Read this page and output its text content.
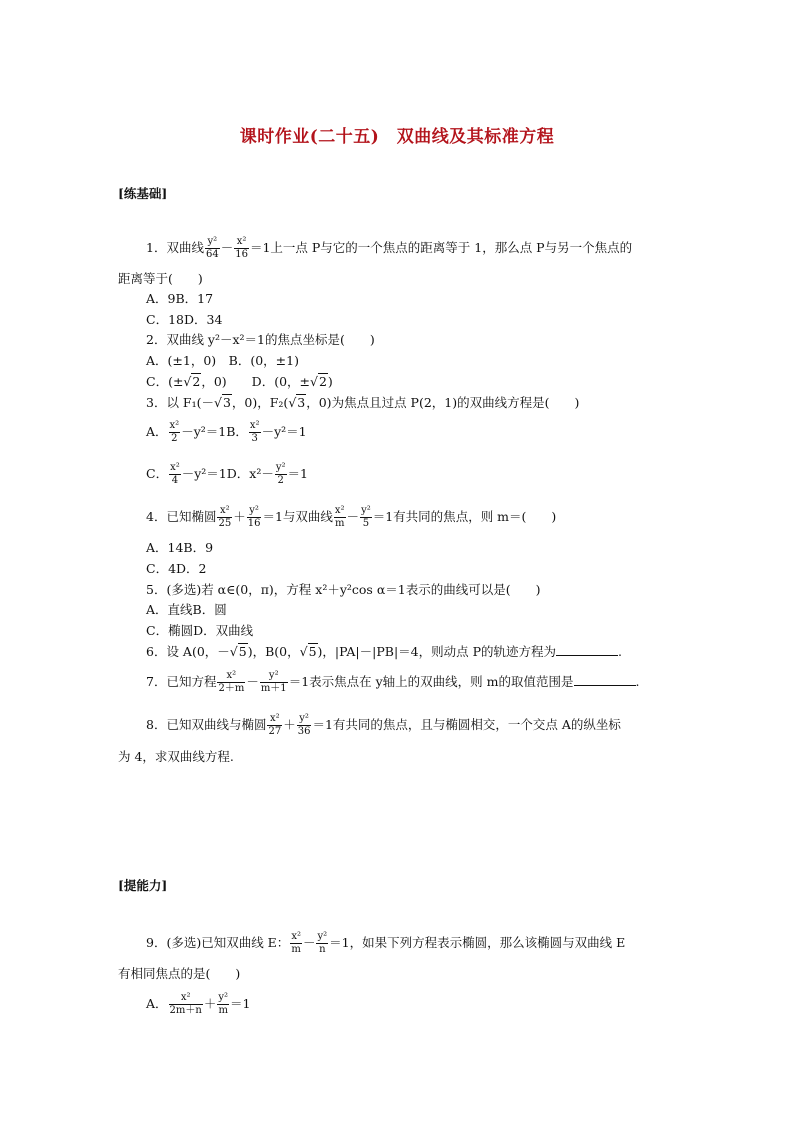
课时作业(二十五)　双曲线及其标准方程
[练基础]
1．双曲线 $\frac{\text{y²}}{64} - \frac{\text{x²}}{16} =1$上一点 P与它的一个焦点的距离等于 1，那么点 P与另一个焦点的
距离等于(　　)
A．9B．17
C．18D．34
2．双曲线 y²－x²＝1的焦点坐标是(　　)
A．(±1，0)　B．(0，±1)
C．(±√2，0)　　D．(0，±√2)
3．以 F₁(－√3，0)，F₂(√3，0)为焦点且过点 P(2，1)的双曲线方程是(　　)
A． $\frac{\text{x²}}{2} -y^2=1B$． $\frac{\text{x²}}{3} -y^2=1$
C． $\frac{\text{x²}}{4} -y^2=1D$．$x^2- \frac{\text{y²}}{2} =1$
4．已知椭圆 $\frac{\text{x²}}{25} + \frac{\text{y²}}{16} =1$与双曲线 $\frac{\text{x²}}{m} - \frac{\text{y²}}{5} =1$有共同的焦点，则 m＝(　　)
A．14B．9
C．4D．2
5．(多选)若 α∈(0，π)，方程 x²＋y²cos α＝1表示的曲线可以是(　　)
A．直线B．圆
C．椭圆D．双曲线
6．设 A(0，－√5)，B(0，√5)，|PA|－|PB|＝4，则动点 P的轨迹方程为	.
7．已知方程 $\frac{\text{x²}}{2+m} - \frac{\text{y²}}{m+1} =1$表示焦点在 y轴上的双曲线，则 m的取值范围是	.
8．已知双曲线与椭圆 $\frac{\text{x²}}{27} + \frac{\text{y²}}{36} =1$有共同的焦点，且与椭圆相交，一个交点 A的纵坐标
为 4，求双曲线方程.
[提能力]
9．(多选)已知双曲线 E： $\frac{\text{x²}}{m} - \frac{\text{y²}}{n} =1$，如果下列方程表示椭圆，那么该椭圆与双曲线 E
有相同焦点的是(　　)
A． $\frac{\text{x²}}{2m+n} + \frac{\text{y²}}{m} =1$
